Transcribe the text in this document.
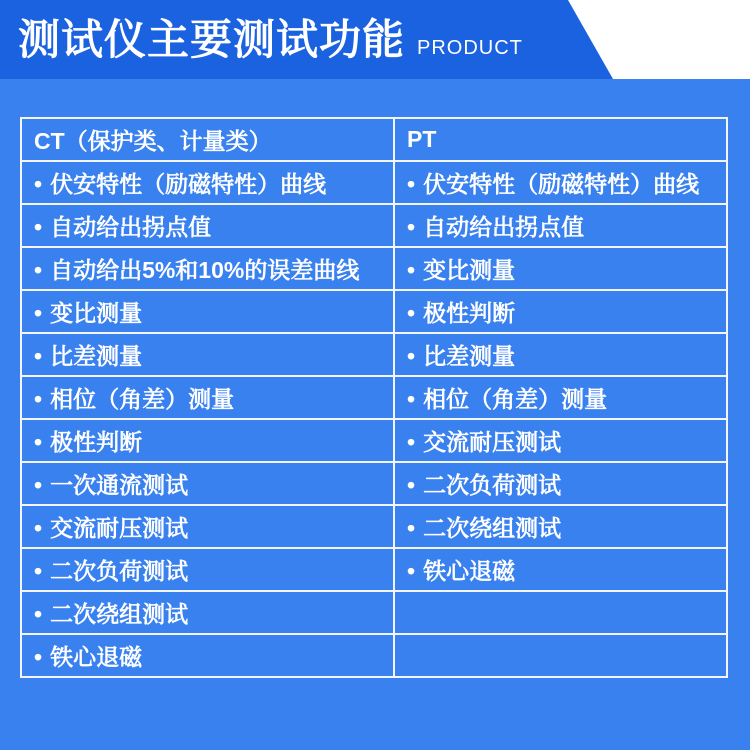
测试仪主要测试功能 PRODUCT
CT（保护类、计量类）	PT
• 伏安特性（励磁特性）曲线	• 伏安特性（励磁特性）曲线
• 自动给出拐点值	• 自动给出拐点值
• 自动给出5%和10%的误差曲线	• 变比测量
• 变比测量	• 极性判断
• 比差测量	• 比差测量
• 相位（角差）测量	• 相位（角差）测量
• 极性判断	• 交流耐压测试
• 一次通流测试	• 二次负荷测试
• 交流耐压测试	• 二次绕组测试
• 二次负荷测试	• 铁心退磁
• 二次绕组测试	
• 铁心退磁	
